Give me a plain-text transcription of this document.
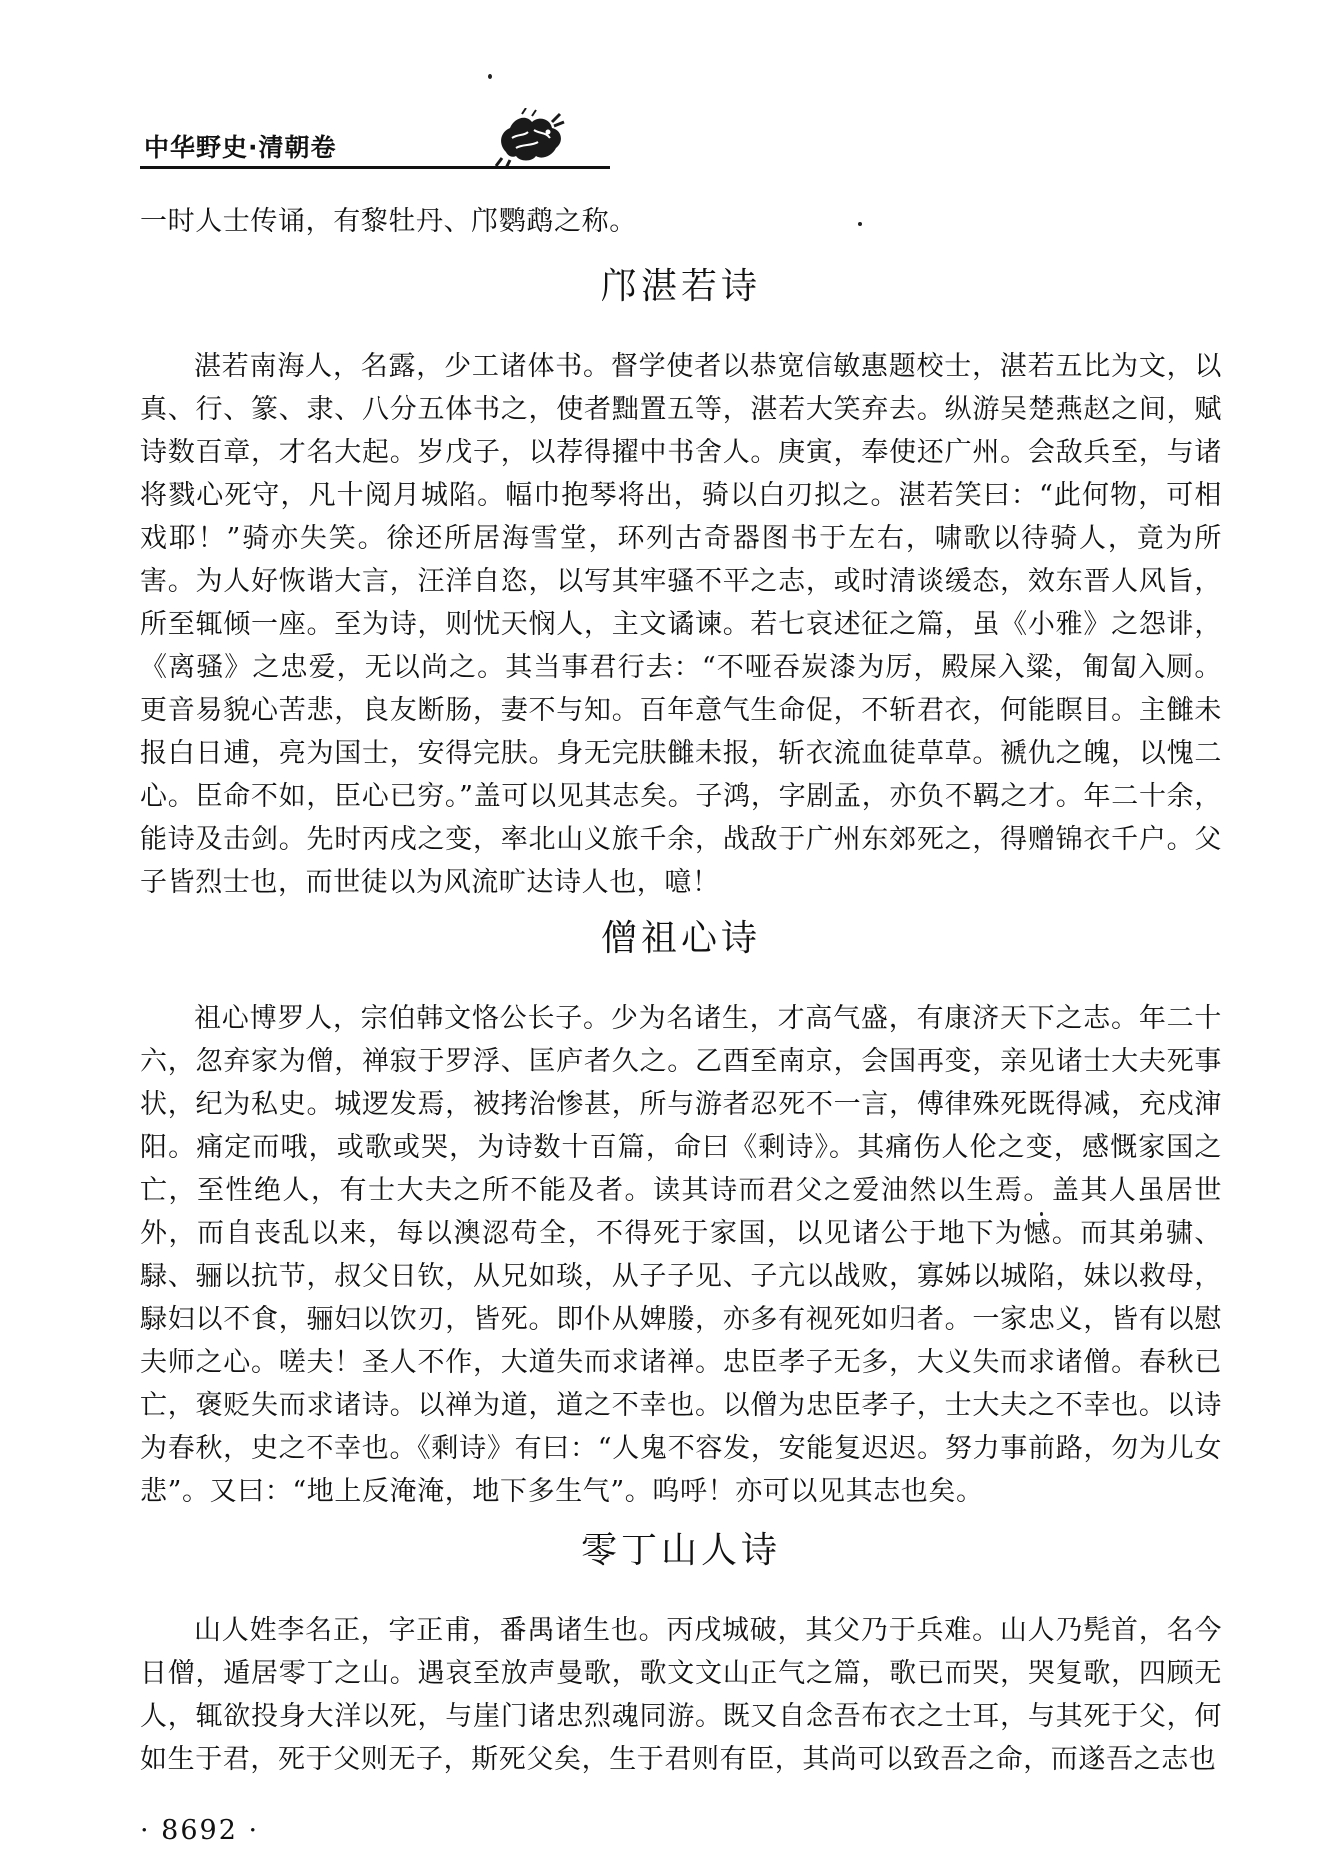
中华野史·清朝卷

一时人士传诵，有黎牡丹、邝鹦鹉之称。

邝湛若诗

湛若南海人，名露，少工诸体书。督学使者以恭宽信敏惠题校士，湛若五比为文，以真、行、篆、隶、八分五体书之，使者黜置五等，湛若大笑弃去。纵游吴楚燕赵之间，赋诗数百章，才名大起。岁戊子，以荐得擢中书舍人。庚寅，奉使还广州。会敌兵至，与诸将戮心死守，凡十阅月城陷。幅巾抱琴将出，骑以白刃拟之。湛若笑曰：“此何物，可相戏耶！”骑亦失笑。徐还所居海雪堂，环列古奇器图书于左右，啸歌以待骑人，竟为所害。为人好恢谐大言，汪洋自恣，以写其牢骚不平之志，或时清谈缓态，效东晋人风旨，所至辄倾一座。至为诗，则忧天悯人，主文谲谏。若七哀述征之篇，虽《小雅》之怨诽，《离骚》之忠爱，无以尚之。其当事君行去：“不哑吞炭漆为厉，殿屎入粱，匍匐入厕。更音易貌心苦悲，良友断肠，妻不与知。百年意气生命促，不斩君衣，何能瞑目。主雠未报白日逋，亮为国士，安得完肤。身无完肤雠未报，斩衣流血徒草草。褫仇之魄，以愧二心。臣命不如，臣心已穷。”盖可以见其志矣。子鸿，字剧孟，亦负不羁之才。年二十余，能诗及击剑。先时丙戌之变，率北山义旅千余，战敌于广州东郊死之，得赠锦衣千户。父子皆烈士也，而世徒以为风流旷达诗人也，噫！

僧祖心诗

祖心博罗人，宗伯韩文恪公长子。少为名诸生，才高气盛，有康济天下之志。年二十六，忽弃家为僧，禅寂于罗浮、匡庐者久之。乙酉至南京，会国再变，亲见诸士大夫死事状，纪为私史。城逻发焉，被拷治惨甚，所与游者忍死不一言，傅律殊死既得减，充戍渖阳。痛定而哦，或歌或哭，为诗数十百篇，命曰《剩诗》。其痛伤人伦之变，感慨家国之亡，至性绝人，有士大夫之所不能及者。读其诗而君父之爱油然以生焉。盖其人虽居世外，而自丧乱以来，每以澳涊苟全，不得死于家国，以见诸公于地下为憾。而其弟骕、騄、骊以抗节，叔父日钦，从兄如琰，从子子见、子亢以战败，寡姊以城陷，妹以救母，騄妇以不食，骊妇以饮刃，皆死。即仆从婢媵，亦多有视死如归者。一家忠义，皆有以慰夫师之心。嗟夫！圣人不作，大道失而求诸禅。忠臣孝子无多，大义失而求诸僧。春秋已亡，褒贬失而求诸诗。以禅为道，道之不幸也。以僧为忠臣孝子，士大夫之不幸也。以诗为春秋，史之不幸也。《剩诗》有曰：“人鬼不容发，安能复迟迟。努力事前路，勿为儿女悲”。又曰：“地上反淹淹，地下多生气”。呜呼！亦可以见其志也矣。

零丁山人诗

山人姓李名正，字正甫，番禺诸生也。丙戌城破，其父乃于兵难。山人乃髡首，名今日僧，遁居零丁之山。遇哀至放声曼歌，歌文文山正气之篇，歌已而哭，哭复歌，四顾无人，辄欲投身大洋以死，与崖门诸忠烈魂同游。既又自念吾布衣之士耳，与其死于父，何如生于君，死于父则无子，斯死父矣，生于君则有臣，其尚可以致吾之命，而遂吾之志也

· 8692 ·
